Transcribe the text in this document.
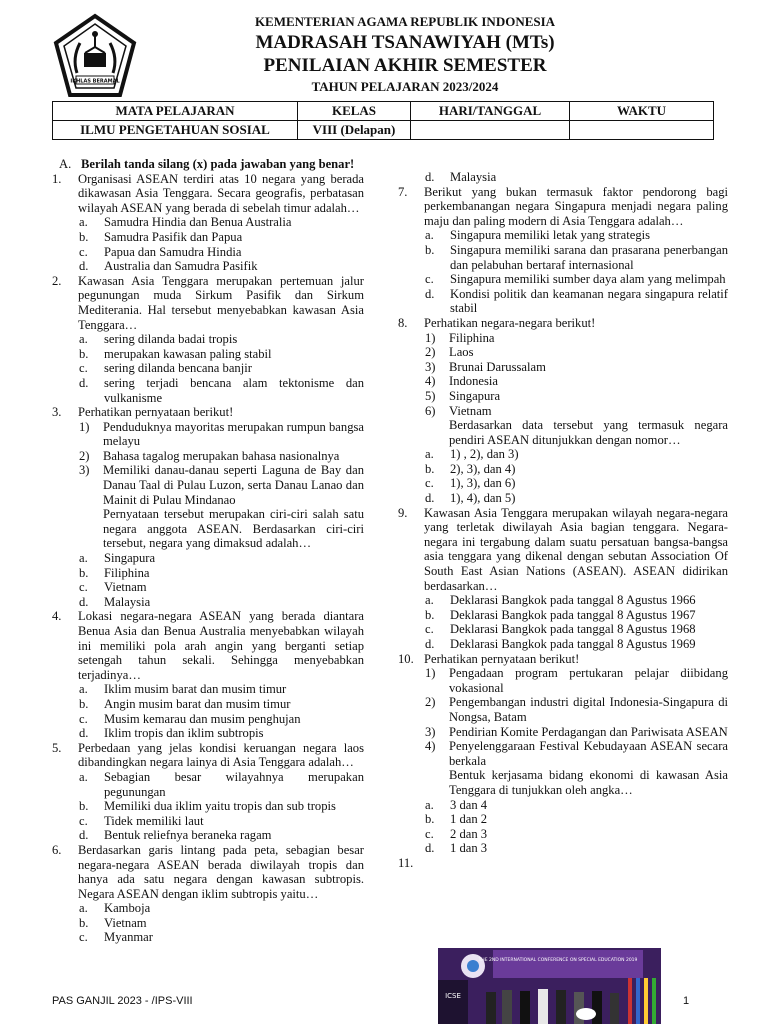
IKHLAS BERAMAL
KEMENTERIAN AGAMA REPUBLIK INDONESIA
MADRASAH TSANAWIYAH (MTs)
PENILAIAN AKHIR SEMESTER
TAHUN PELAJARAN 2023/2024
MATA PELAJARAN	KELAS	HARI/TANGGAL	WAKTU
ILMU PENGETAHUAN SOSIAL	VIII (Delapan)		
A. Berilah tanda silang (x) pada jawaban yang benar!
1.	Organisasi ASEAN terdiri atas 10 negara yang berada dikawasan Asia Tenggara. Secara geografis, perbatasan wilayah ASEAN yang berada di sebelah timur adalah…
a.	Samudra Hindia dan Benua Australia
b.	Samudra Pasifik dan Papua
c.	Papua dan Samudra Hindia
d.	Australia dan Samudra Pasifik
2.	Kawasan Asia Tenggara merupakan pertemuan jalur pegunungan muda Sirkum Pasifik dan Sirkum Mediterania. Hal tersebut menyebabkan kawasan Asia Tenggara…
a.	sering dilanda badai tropis
b.	merupakan kawasan paling stabil
c.	sering dilanda bencana banjir
d.	sering terjadi bencana alam tektonisme dan vulkanisme
3.	Perhatikan pernyataan berikut!
1)	Penduduknya mayoritas merupakan rumpun bangsa melayu
2)	Bahasa tagalog merupakan bahasa nasionalnya
3)	Memiliki danau-danau seperti Laguna de Bay dan Danau Taal di Pulau Luzon, serta Danau Lanao dan Mainit di Pulau Mindanao
Pernyataan tersebut merupakan ciri-ciri salah satu negara anggota ASEAN. Berdasarkan ciri-ciri tersebut, negara yang dimaksud adalah…
a.	Singapura
b.	Filiphina
c.	Vietnam
d.	Malaysia
4.	Lokasi negara-negara ASEAN yang berada diantara Benua Asia dan Benua Australia menyebabkan wilayah ini memiliki pola arah angin yang berganti setiap setengah tahun sekali. Sehingga menyebabkan terjadinya…
a.	Iklim musim barat dan musim timur
b.	Angin musim barat dan musim timur
c.	Musim kemarau dan musim penghujan
d.	Iklim tropis dan iklim subtropis
5.	Perbedaan yang jelas kondisi keruangan negara laos dibandingkan negara lainya di Asia Tenggara adalah…
a.	Sebagian besar wilayahnya merupakan pegunungan
b.	Memiliki dua iklim yaitu tropis dan sub tropis
c.	Tidek memiliki laut
d.	Bentuk reliefnya beraneka ragam
6.	Berdasarkan garis lintang pada peta, sebagian besar negara-negara ASEAN berada diwilayah tropis dan hanya ada satu negara dengan kawasan subtropis. Negara ASEAN dengan iklim subtropis yaitu…
a.	Kamboja
b.	Vietnam
c.	Myanmar
d.	Malaysia
7.	Berikut yang bukan termasuk faktor pendorong bagi perkembanangan negara Singapura menjadi negara paling maju dan paling modern di Asia Tenggara adalah…
a.	Singapura memiliki letak yang strategis
b.	Singapura memiliki sarana dan prasarana penerbangan dan pelabuhan bertaraf internasional
c.	Singapura memiliki sumber daya alam yang melimpah
d.	Kondisi politik dan keamanan negara singapura relatif stabil
8.	Perhatikan negara-negara berikut!
1)	Filiphina
2)	Laos
3)	Brunai Darussalam
4)	Indonesia
5)	Singapura
6)	Vietnam
Berdasarkan data tersebut yang termasuk negara pendiri ASEAN ditunjukkan dengan nomor…
a.	1) , 2), dan 3)
b.	2), 3), dan 4)
c.	1), 3), dan 6)
d.	1), 4), dan 5)
9.	Kawasan Asia Tenggara merupakan wilayah negara-negara yang terletak diwilayah Asia bagian tenggara. Negara-negara ini tergabung dalam suatu persatuan bangsa-bangsa asia tenggara yang dikenal dengan sebutan Association Of South East Asian Nations (ASEAN). ASEAN didirikan berdasarkan…
a.	Deklarasi Bangkok pada tanggal 8 Agustus 1966
b.	Deklarasi Bangkok pada tanggal 8 Agustus 1967
c.	Deklarasi Bangkok pada tanggal 8 Agustus 1968
d.	Deklarasi Bangkok pada tanggal 8 Agustus 1969
10. Perhatikan pernyataan berikut!
1)	Pengadaan program pertukaran pelajar diibidang vokasional
2)	Pengembangan industri digital Indonesia-Singapura di Nongsa, Batam
3)	Pendirian Komite Perdagangan dan Pariwisata ASEAN
4)	Penyelenggaraan Festival Kebudayaan ASEAN secara berkala
Bentuk kerjasama bidang ekonomi di kawasan Asia Tenggara di tunjukkan oleh angka…
a.	3 dan 4
b.	1 dan 2
c.	2 dan 3
d.	1 dan 3
11.
THE 2ND INTERNATIONAL CONFERENCE ON SPECIAL EDUCATION 2019
ICSE
PAS GANJIL 2023 - /IPS-VIII	1
